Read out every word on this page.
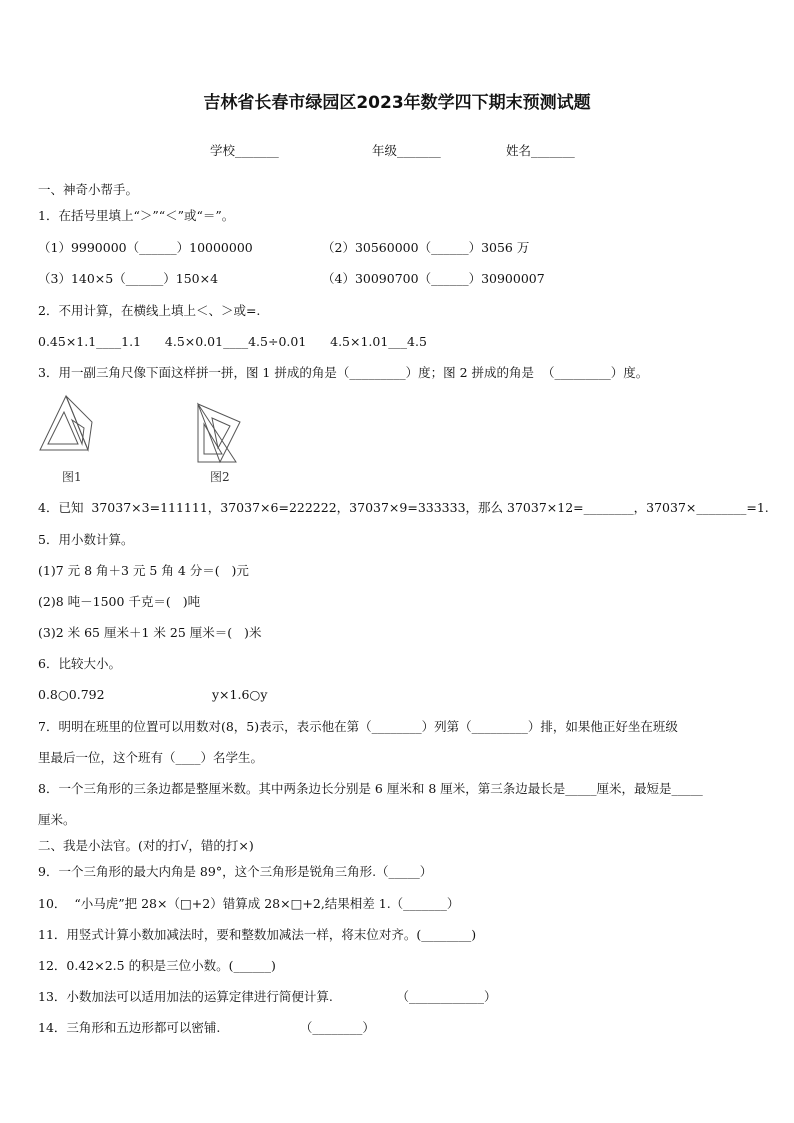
吉林省长春市绿园区2023年数学四下期末预测试题
学校_______	年级_______	姓名_______
一、神奇小帮手。
1．在括号里填上“＞”“＜”或“＝”。
（1）9990000（______）10000000	（2）30560000（______）3056 万
（3）140×5（______）150×4	（4）30090700（______）30900007
2．不用计算，在横线上填上＜、＞或=.
0.45×1.1____1.1      4.5×0.01____4.5÷0.01      4.5×1.01___4.5
3．用一副三角尺像下面这样拼一拼，图 1 拼成的角是（_________）度；图 2 拼成的角是  （_________）度。
图1	图2
4．已知  37037×3=111111，37037×6=222222，37037×9=333333，那么 37037×12=________，37037×________=1.
5．用小数计算。
(1)7 元 8 角＋3 元 5 角 4 分＝(   )元
(2)8 吨－1500 千克＝(   )吨
(3)2 米 65 厘米＋1 米 25 厘米＝(   )米
6．比较大小。
0.8○0.792	y×1.6○y
7．明明在班里的位置可以用数对(8，5)表示，表示他在第（________）列第（_________）排，如果他正好坐在班级
里最后一位，这个班有（____）名学生。
8．一个三角形的三条边都是整厘米数。其中两条边长分别是 6 厘米和 8 厘米，第三条边最长是_____厘米，最短是_____
厘米。
二、我是小法官。(对的打√，错的打×)
9．一个三角形的最大内角是 89°，这个三角形是锐角三角形.（_____）
10．  “小马虎”把 28×（□+2）错算成 28×□+2,结果相差 1.（_______）
11．用竖式计算小数加减法时，要和整数加减法一样，将末位对齐。(________)
12．0.42×2.5 的积是三位小数。(______)
13．小数加法可以适用加法的运算定律进行简便计算.                （____________）
14．三角形和五边形都可以密铺.                    （________）
